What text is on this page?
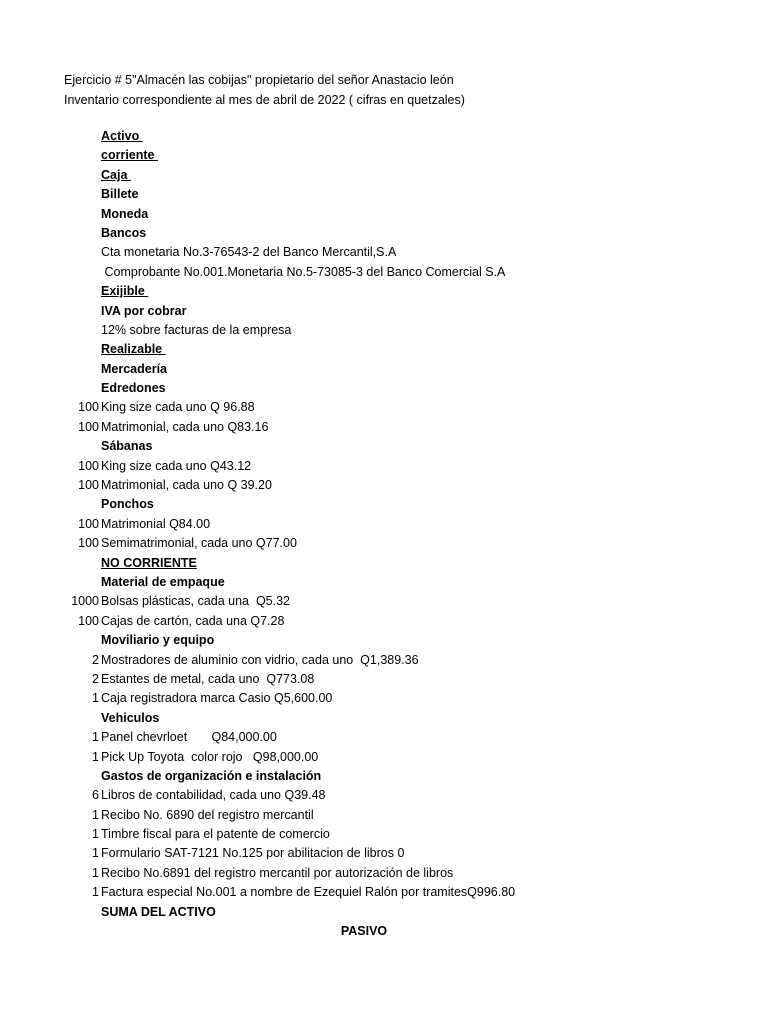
Ejercicio # 5"Almacén las cobijas" propietario del señor Anastacio león
Inventario correspondiente al mes de abril de 2022 ( cifras en quetzales)
Activo
corriente
Caja
Billete
Moneda
Bancos
Cta monetaria No.3-76543-2 del Banco Mercantil,S.A
Comprobante No.001.Monetaria No.5-73085-3 del Banco Comercial S.A
Exijible
IVA por cobrar
12% sobre facturas de la empresa
Realizable
Mercadería
Edredones
100 King size cada uno Q 96.88
100 Matrimonial, cada uno Q83.16
Sábanas
100 King size cada uno Q43.12
100 Matrimonial, cada uno Q 39.20
Ponchos
100 Matrimonial Q84.00
100 Semimatrimonial, cada uno Q77.00
NO CORRIENTE
Material de empaque
1000 Bolsas plásticas, cada una  Q5.32
100 Cajas de cartón, cada una Q7.28
Moviliario y equipo
2 Mostradores de aluminio con vidrio, cada uno  Q1,389.36
2 Estantes de metal, cada uno  Q773.08
1 Caja registradora marca Casio Q5,600.00
Vehiculos
1 Panel chevrloet       Q84,000.00
1 Pick Up Toyota  color rojo   Q98,000.00
Gastos de organización e instalación
6 Libros de contabilidad, cada uno Q39.48
1 Recibo No. 6890 del registro mercantil
1 Timbre fiscal para el patente de comercio
1 Formulario SAT-7121 No.125 por abilitacion de libros 0
1 Recibo No.6891 del registro mercantil por autorización de libros
1 Factura especial No.001 a nombre de Ezequiel Ralón por tramitesQ996.80
SUMA DEL ACTIVO
PASIVO
